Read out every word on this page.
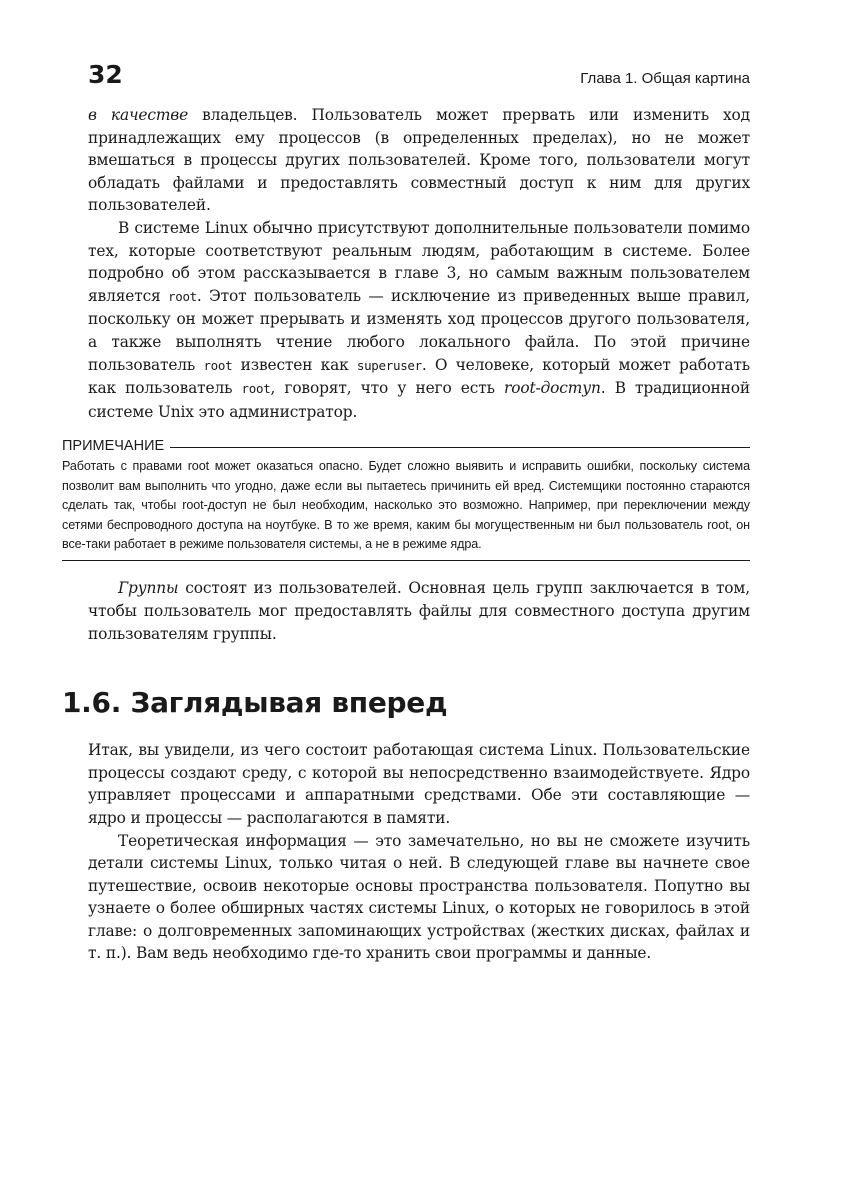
32	Глава 1. Общая картина

в качестве владельцев. Пользователь может прервать или изменить ход принадлежащих ему процессов (в определенных пределах), но не может вмешаться в процессы других пользователей. Кроме того, пользователи могут обладать файлами и предоставлять совместный доступ к ним для других пользователей.

В системе Linux обычно присутствуют дополнительные пользователи помимо тех, которые соответствуют реальным людям, работающим в системе. Более подробно об этом рассказывается в главе 3, но самым важным пользователем является root. Этот пользователь — исключение из приведенных выше правил, поскольку он может прерывать и изменять ход процессов другого пользователя, а также выполнять чтение любого локального файла. По этой причине пользователь root известен как superuser. О человеке, который может работать как пользователь root, говорят, что у него есть root-доступ. В традиционной системе Unix это администратор.

ПРИМЕЧАНИЕ

Работать с правами root может оказаться опасно. Будет сложно выявить и исправить ошибки, поскольку система позволит вам выполнить что угодно, даже если вы пытаетесь причинить ей вред. Системщики постоянно стараются сделать так, чтобы root-доступ не был необходим, насколько это возможно. Например, при переключении между сетями беспроводного доступа на ноутбуке. В то же время, каким бы могущественным ни был пользователь root, он все-таки работает в режиме пользователя системы, а не в режиме ядра.

Группы состоят из пользователей. Основная цель групп заключается в том, чтобы пользователь мог предоставлять файлы для совместного доступа другим пользователям группы.

1.6. Заглядывая вперед

Итак, вы увидели, из чего состоит работающая система Linux. Пользовательские процессы создают среду, с которой вы непосредственно взаимодействуете. Ядро управляет процессами и аппаратными средствами. Обе эти составляющие — ядро и процессы — располагаются в памяти.

Теоретическая информация — это замечательно, но вы не сможете изучить детали системы Linux, только читая о ней. В следующей главе вы начнете свое путешествие, освоив некоторые основы пространства пользователя. Попутно вы узнаете о более обширных частях системы Linux, о которых не говорилось в этой главе: о долговременных запоминающих устройствах (жестких дисках, файлах и т. п.). Вам ведь необходимо где-то хранить свои программы и данные.
